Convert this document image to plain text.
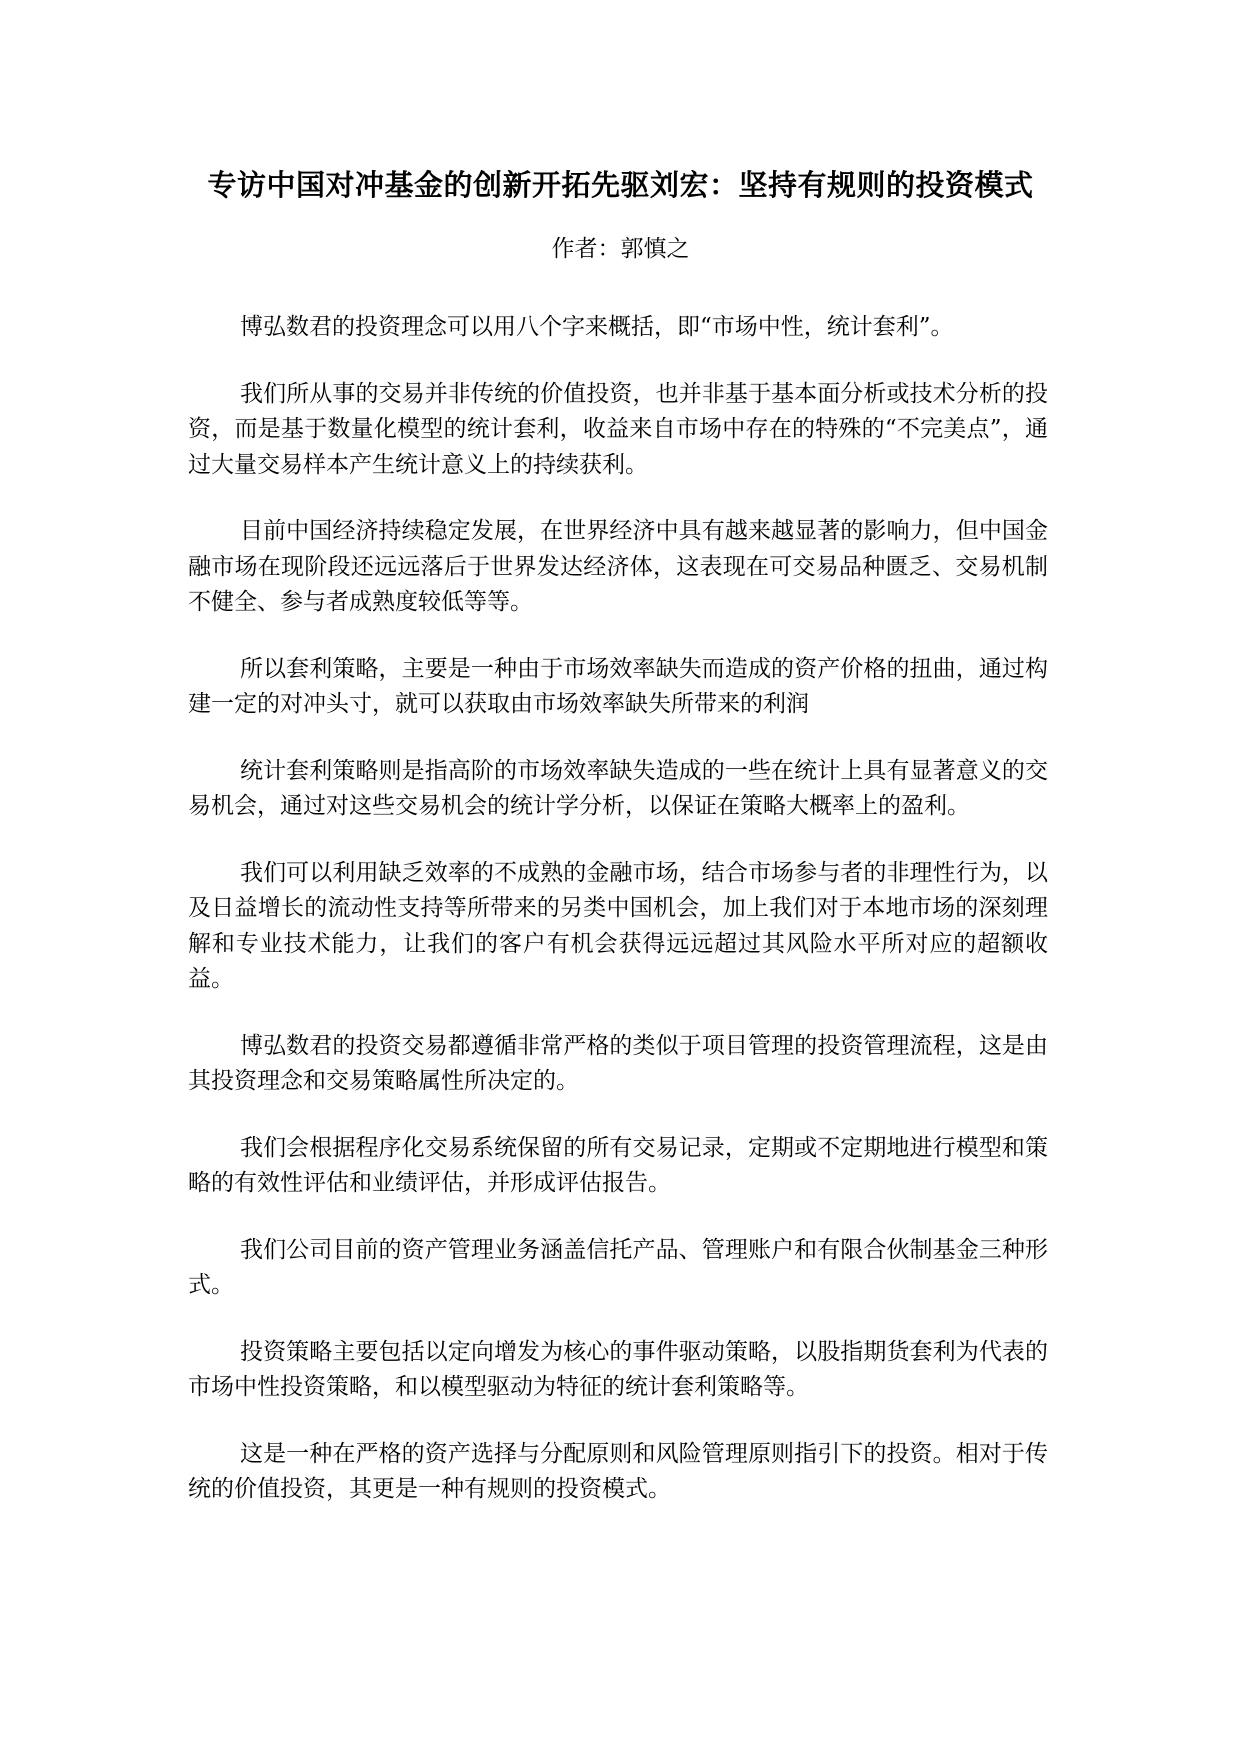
专访中国对冲基金的创新开拓先驱刘宏：坚持有规则的投资模式
作者：郭慎之

博弘数君的投资理念可以用八个字来概括，即“市场中性，统计套利”。

我们所从事的交易并非传统的价值投资，也并非基于基本面分析或技术分析的投资，而是基于数量化模型的统计套利，收益来自市场中存在的特殊的“不完美点”，通过大量交易样本产生统计意义上的持续获利。

目前中国经济持续稳定发展，在世界经济中具有越来越显著的影响力，但中国金融市场在现阶段还远远落后于世界发达经济体，这表现在可交易品种匮乏、交易机制不健全、参与者成熟度较低等等。

所以套利策略，主要是一种由于市场效率缺失而造成的资产价格的扭曲，通过构建一定的对冲头寸，就可以获取由市场效率缺失所带来的利润

统计套利策略则是指高阶的市场效率缺失造成的一些在统计上具有显著意义的交易机会，通过对这些交易机会的统计学分析，以保证在策略大概率上的盈利。

我们可以利用缺乏效率的不成熟的金融市场，结合市场参与者的非理性行为，以及日益增长的流动性支持等所带来的另类中国机会，加上我们对于本地市场的深刻理解和专业技术能力，让我们的客户有机会获得远远超过其风险水平所对应的超额收益。

博弘数君的投资交易都遵循非常严格的类似于项目管理的投资管理流程，这是由其投资理念和交易策略属性所决定的。

我们会根据程序化交易系统保留的所有交易记录，定期或不定期地进行模型和策略的有效性评估和业绩评估，并形成评估报告。

我们公司目前的资产管理业务涵盖信托产品、管理账户和有限合伙制基金三种形式。

投资策略主要包括以定向增发为核心的事件驱动策略，以股指期货套利为代表的市场中性投资策略，和以模型驱动为特征的统计套利策略等。

这是一种在严格的资产选择与分配原则和风险管理原则指引下的投资。相对于传统的价值投资，其更是一种有规则的投资模式。
